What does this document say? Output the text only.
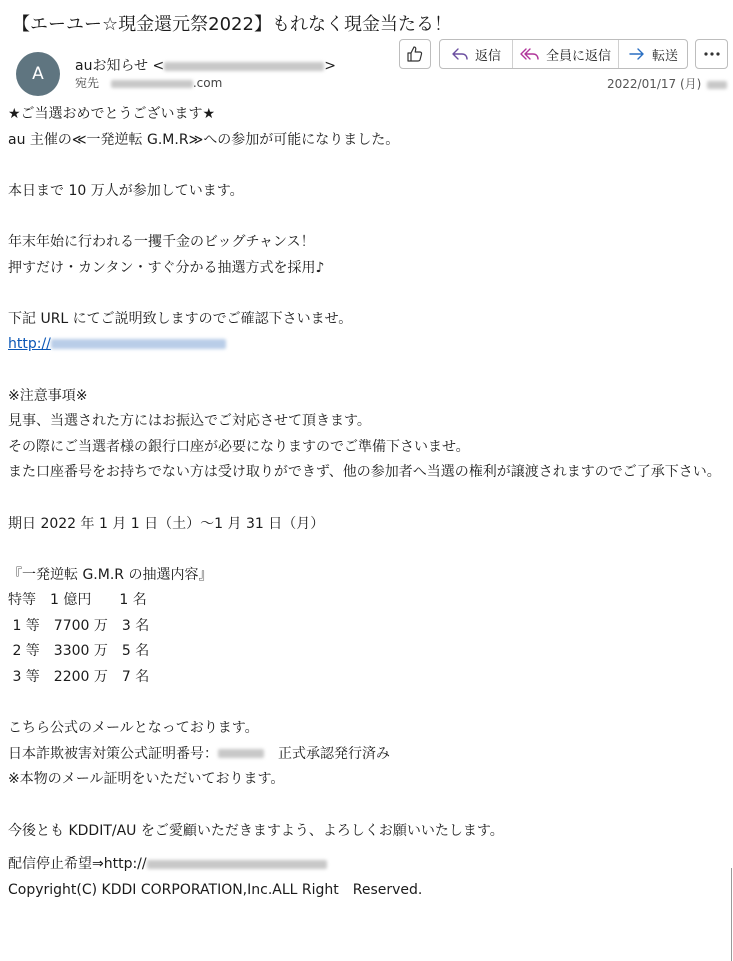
【エーユー☆現金還元祭2022】もれなく現金当たる！
A auお知らせ <	>
宛先	.com
返信	全員に返信	転送
2022/01/17 (月)

★ご当選おめでとうございます★

au 主催の≪一発逆転 G.M.R≫への参加が可能になりました。

本日まで 10 万人が参加しています。

年末年始に行われる一攫千金のビッグチャンス！

押すだけ・カンタン・すぐ分かる抽選方式を採用♪

下記 URL にてご説明致しますのでご確認下さいませ。

http://

※注意事項※

見事、当選された方にはお振込でご対応させて頂きます。

その際にご当選者様の銀行口座が必要になりますのでご準備下さいませ。

また口座番号をお持ちでない方は受け取りができず、他の参加者へ当選の権利が譲渡されますのでご了承下さい。

期日 2022 年 1 月 1 日（土）〜1 月 31 日（月）

『一発逆転 G.M.R の抽選内容』

特等　1 億円　　1 名

1 等　7700 万　3 名

2 等　3300 万　5 名

3 等　2200 万　7 名

こちら公式のメールとなっております。

日本詐欺被害対策公式証明番号：	　正式承認発行済み

※本物のメール証明をいただいております。

今後とも KDDIT/AU をご愛顧いただきますよう、よろしくお願いいたします。

配信停止希望⇒http://

Copyright(C) KDDI CORPORATION,Inc.ALL Right　Reserved.
